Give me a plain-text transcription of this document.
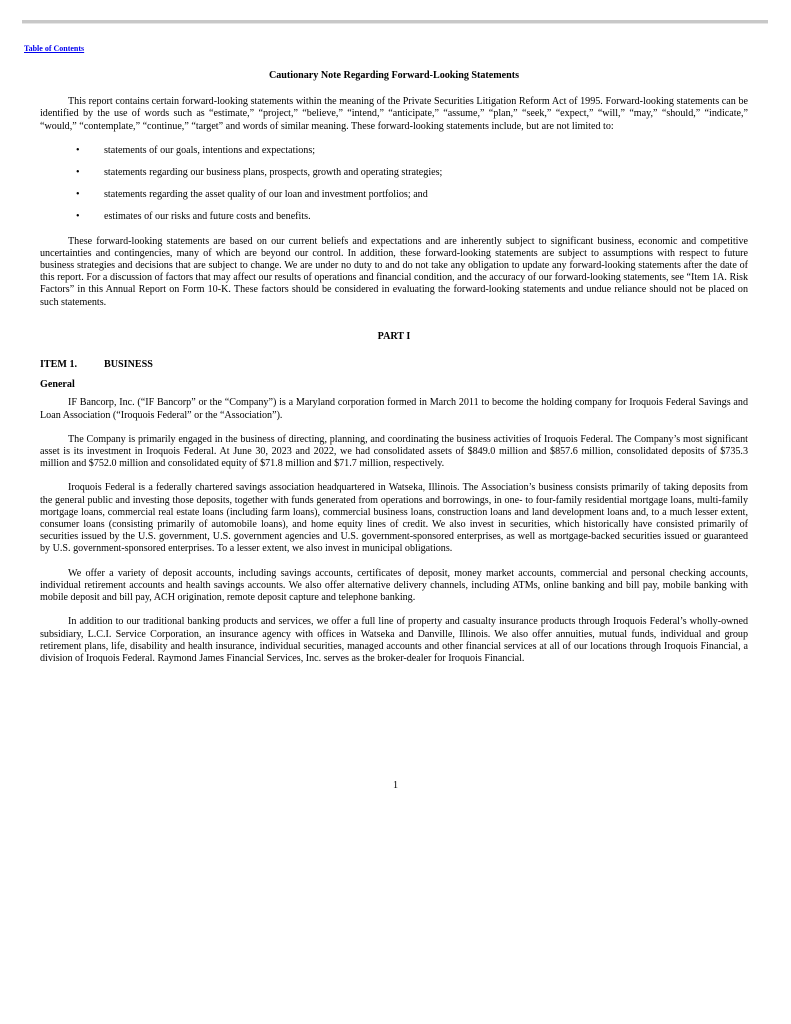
Table of Contents
Cautionary Note Regarding Forward-Looking Statements

This report contains certain forward-looking statements within the meaning of the Private Securities Litigation Reform Act of 1995. Forward-looking statements can be identified by the use of words such as “estimate,” “project,” “believe,” “intend,” “anticipate,” “assume,” “plan,” “seek,” “expect,” “will,” “may,” “should,” “indicate,” “would,” “contemplate,” “continue,” “target” and words of similar meaning. These forward-looking statements include, but are not limited to:

• statements of our goals, intentions and expectations;
• statements regarding our business plans, prospects, growth and operating strategies;
• statements regarding the asset quality of our loan and investment portfolios; and
• estimates of our risks and future costs and benefits.

These forward-looking statements are based on our current beliefs and expectations and are inherently subject to significant business, economic and competitive uncertainties and contingencies, many of which are beyond our control. In addition, these forward-looking statements are subject to assumptions with respect to future business strategies and decisions that are subject to change. We are under no duty to and do not take any obligation to update any forward-looking statements after the date of this report. For a discussion of factors that may affect our results of operations and financial condition, and the accuracy of our forward-looking statements, see “Item 1A. Risk Factors” in this Annual Report on Form 10-K. These factors should be considered in evaluating the forward-looking statements and undue reliance should not be placed on such statements.

PART I
ITEM 1.	BUSINESS
General

IF Bancorp, Inc. (“IF Bancorp” or the “Company”) is a Maryland corporation formed in March 2011 to become the holding company for Iroquois Federal Savings and Loan Association (“Iroquois Federal” or the “Association”).

The Company is primarily engaged in the business of directing, planning, and coordinating the business activities of Iroquois Federal. The Company’s most significant asset is its investment in Iroquois Federal. At June 30, 2023 and 2022, we had consolidated assets of $849.0 million and $857.6 million, consolidated deposits of $735.3 million and $752.0 million and consolidated equity of $71.8 million and $71.7 million, respectively.

Iroquois Federal is a federally chartered savings association headquartered in Watseka, Illinois. The Association’s business consists primarily of taking deposits from the general public and investing those deposits, together with funds generated from operations and borrowings, in one- to four-family residential mortgage loans, multi-family mortgage loans, commercial real estate loans (including farm loans), commercial business loans, construction loans and land development loans and, to a much lesser extent, consumer loans (consisting primarily of automobile loans), and home equity lines of credit. We also invest in securities, which historically have consisted primarily of securities issued by the U.S. government, U.S. government agencies and U.S. government-sponsored enterprises, as well as mortgage-backed securities issued or guaranteed by U.S. government-sponsored enterprises. To a lesser extent, we also invest in municipal obligations.

We offer a variety of deposit accounts, including savings accounts, certificates of deposit, money market accounts, commercial and personal checking accounts, individual retirement accounts and health savings accounts. We also offer alternative delivery channels, including ATMs, online banking and bill pay, mobile banking with mobile deposit and bill pay, ACH origination, remote deposit capture and telephone banking.

In addition to our traditional banking products and services, we offer a full line of property and casualty insurance products through Iroquois Federal’s wholly-owned subsidiary, L.C.I. Service Corporation, an insurance agency with offices in Watseka and Danville, Illinois. We also offer annuities, mutual funds, individual and group retirement plans, life, disability and health insurance, individual securities, managed accounts and other financial services at all of our locations through Iroquois Financial, a division of Iroquois Federal. Raymond James Financial Services, Inc. serves as the broker-dealer for Iroquois Financial.

1
